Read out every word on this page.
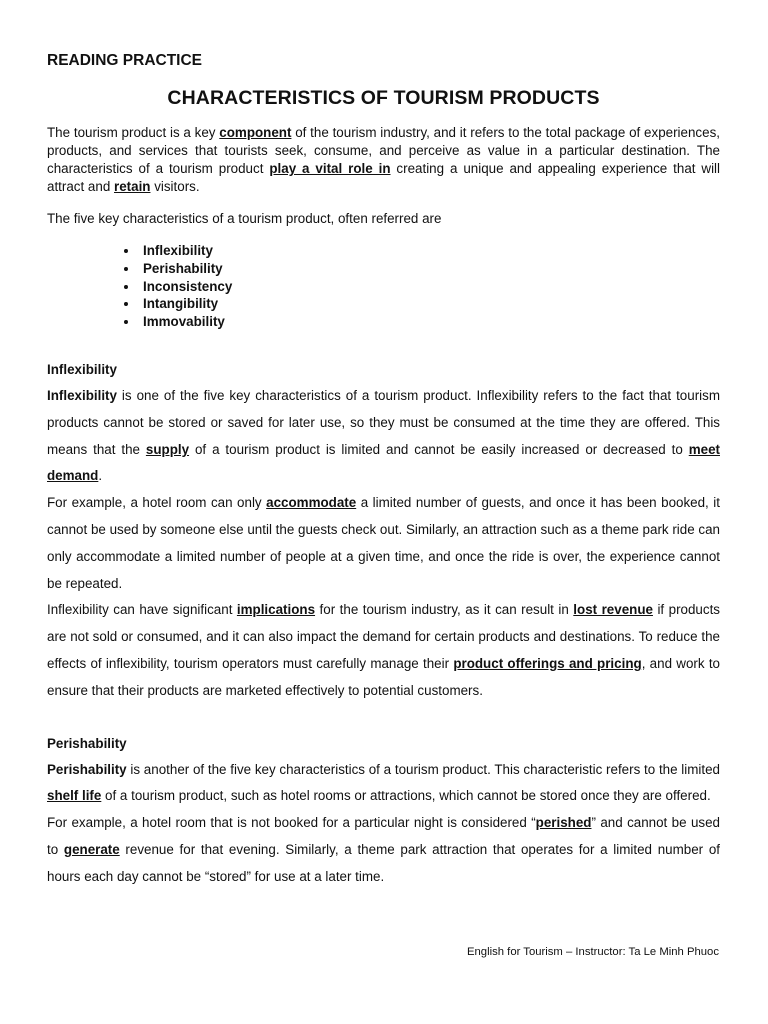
READING PRACTICE

CHARACTERISTICS OF TOURISM PRODUCTS

The tourism product is a key component of the tourism industry, and it refers to the total package of experiences, products, and services that tourists seek, consume, and perceive as value in a particular destination. The characteristics of a tourism product play a vital role in creating a unique and appealing experience that will attract and retain visitors.

The five key characteristics of a tourism product, often referred are

• Inflexibility
• Perishability
• Inconsistency
• Intangibility
• Immovability

Inflexibility

Inflexibility is one of the five key characteristics of a tourism product. Inflexibility refers to the fact that tourism products cannot be stored or saved for later use, so they must be consumed at the time they are offered. This means that the supply of a tourism product is limited and cannot be easily increased or decreased to meet demand.

For example, a hotel room can only accommodate a limited number of guests, and once it has been booked, it cannot be used by someone else until the guests check out. Similarly, an attraction such as a theme park ride can only accommodate a limited number of people at a given time, and once the ride is over, the experience cannot be repeated.

Inflexibility can have significant implications for the tourism industry, as it can result in lost revenue if products are not sold or consumed, and it can also impact the demand for certain products and destinations. To reduce the effects of inflexibility, tourism operators must carefully manage their product offerings and pricing, and work to ensure that their products are marketed effectively to potential customers.

Perishability

Perishability is another of the five key characteristics of a tourism product. This characteristic refers to the limited shelf life of a tourism product, such as hotel rooms or attractions, which cannot be stored once they are offered.

For example, a hotel room that is not booked for a particular night is considered “perished” and cannot be used to generate revenue for that evening. Similarly, a theme park attraction that operates for a limited number of hours each day cannot be “stored” for use at a later time.

English for Tourism – Instructor: Ta Le Minh Phuoc
